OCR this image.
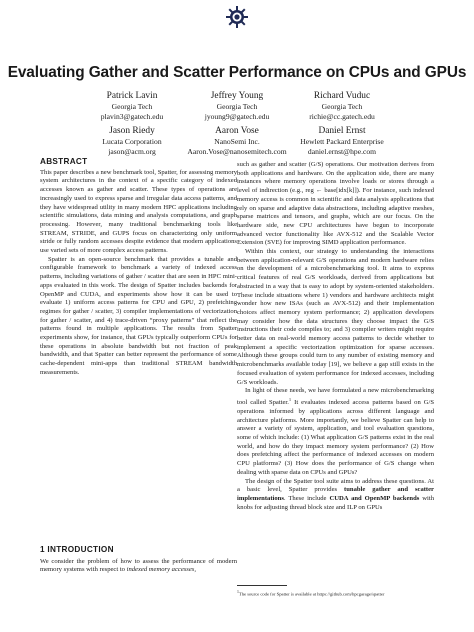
Evaluating Gather and Scatter Performance on CPUs and GPUs
Patrick Lavin
Georgia Tech
plavin3@gatech.edu
Jeffrey Young
Georgia Tech
jyoung9@gatech.edu
Richard Vuduc
Georgia Tech
richie@cc.gatech.edu
Jason Riedy
Lucata Corporation
jason@acm.org
Aaron Vose
NanoSemi Inc.
Aaron.Vose@nanosemitech.com
Daniel Ernst
Hewlett Packard Enterprise
daniel.ernst@hpe.com
ABSTRACT

This paper describes a new benchmark tool, Spatter, for assessing memory system architectures in the context of a specific category of indexed accesses known as gather and scatter. These types of operations are increasingly used to express sparse and irregular data access patterns, and they have widespread utility in many modern HPC applications including scientific simulations, data mining and analysis computations, and graph processing. However, many traditional benchmarking tools like STREAM, STRIDE, and GUPS focus on characterizing only uniform stride or fully random accesses despite evidence that modern applications use varied sets of more complex access patterns.

Spatter is an open-source benchmark that provides a tunable and configurable framework to benchmark a variety of indexed access patterns, including variations of gather / scatter that are seen in HPC mini-apps evaluated in this work. The design of Spatter includes backends for OpenMP and CUDA, and experiments show how it can be used to evaluate 1) uniform access patterns for CPU and GPU, 2) prefetching regimes for gather / scatter, 3) compiler implementations of vectorization for gather / scatter, and 4) trace-driven “proxy patterns” that reflect the patterns found in multiple applications. The results from Spatter experiments show, for instance, that GPUs typically outperform CPUs for these operations in absolute bandwidth but not fraction of peak bandwidth, and that Spatter can better represent the performance of some cache-dependent mini-apps than traditional STREAM bandwidth measurements.

1 INTRODUCTION

We consider the problem of how to assess the performance of modern memory systems with respect to indexed memory accesses,

such as gather and scatter (G/S) operations. Our motivation derives from both applications and hardware. On the application side, there are many instances where memory operations involve loads or stores through a level of indirection (e.g., reg ← base[idx[k]]). For instance, such indexed memory access is common in scientific and data analysis applications that rely on sparse and adaptive data abstractions, including adaptive meshes, sparse matrices and tensors, and graphs, which are our focus. On the hardware side, new CPU architectures have begun to incorporate advanced vector functionality like AVX-512 and the Scalable Vector Extension (SVE) for improving SIMD application performance.

Within this context, our strategy to understanding the interactions between application-relevant G/S operations and modern hardware relies on the development of a microbenchmarking tool. It aims to express critical features of real G/S workloads, derived from applications but abstracted in a way that is easy to adopt by system-oriented stakeholders. These include situations where 1) vendors and hardware architects might wonder how new ISAs (such as AVX-512) and their implementation choices affect memory system performance; 2) application developers may consider how the data structures they choose impact the G/S instructions their code compiles to; and 3) compiler writers might require better data on real-world memory access patterns to decide whether to implement a specific vectorization optimization for sparse accesses. Although these groups could turn to any number of existing memory and microbenchmarks available today [19], we believe a gap still exists in the focused evaluation of system performance for indexed accesses, including G/S workloads.

In light of these needs, we have formulated a new microbenchmarking tool called Spatter.$^1$ It evaluates indexed access patterns based on G/S operations informed by applications across different language and architecture platforms. More importantly, we believe Spatter can help to answer a variety of system, application, and tool evaluation questions, some of which include: (1) What application G/S patterns exist in the real world, and how do they impact memory system performance? (2) How does prefetching affect the performance of indexed accesses on modern CPU platforms? (3) How does the performance of G/S change when dealing with sparse data on CPUs and GPUs?

The design of the Spatter tool suite aims to address these questions. At a basic level, Spatter provides tunable gather and scatter implementations. These include CUDA and OpenMP backends with knobs for adjusting thread block size and ILP on GPUs

$^1$The source code for Spatter is available at https://github.com/hpcgarage/spatter
